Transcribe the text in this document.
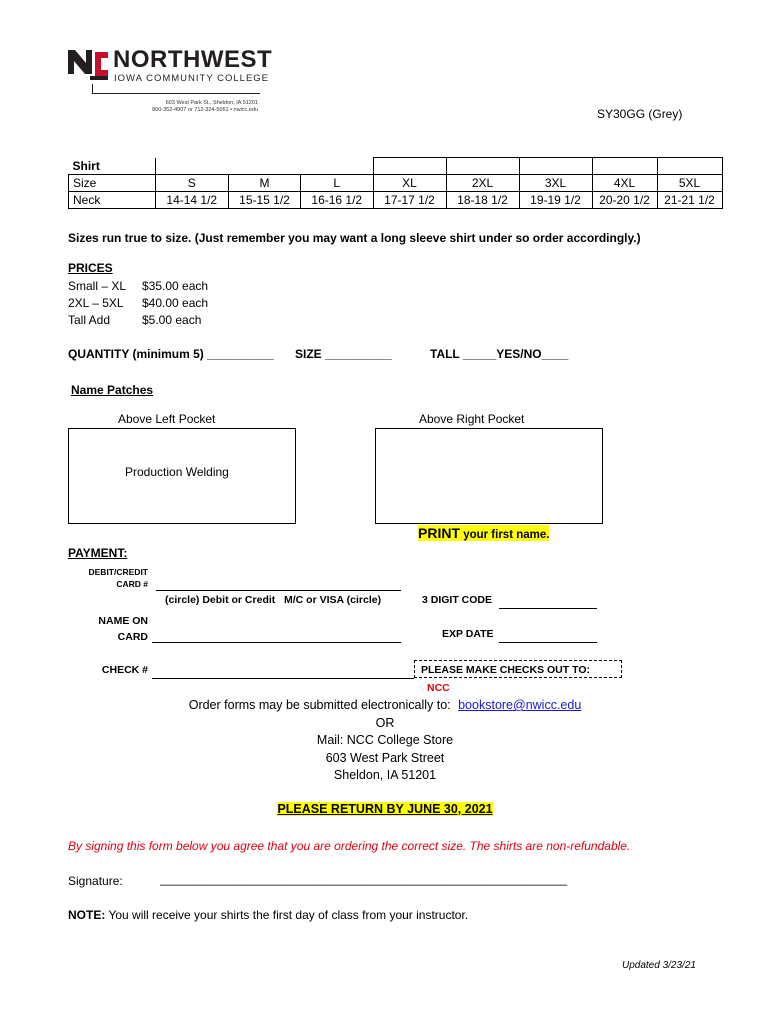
NORTHWEST
IOWA COMMUNITY COLLEGE
603 West Park St., Sheldon, IA 51201
800-352-4907 or 712-324-5061 • nwicc.edu	SY30GG (Grey)
Shirt								
Size	S	M	L	XL	2XL	3XL	4XL	5XL
Neck	14-14 1/2	15-15 1/2	16-16 1/2	17-17 1/2	18-18 1/2	19-19 1/2	20-20 1/2	21-21 1/2
Sizes run true to size. (Just remember you may want a long sleeve shirt under so order accordingly.)
PRICES
Small – XL $35.00 each
2XL – 5XL $40.00 each
Tall Add	$5.00 each
QUANTITY (minimum 5) __________ SIZE __________	TALL _____YES/NO____
Name Patches
Above Left Pocket	Above Right Pocket
Production Welding
PRINT your first name.
PAYMENT:
DEBIT/CREDIT
CARD #
(circle) Debit or Credit   M/C or VISA (circle)	3 DIGIT CODE
NAME ON
CARD	EXP DATE
CHECK #	PLEASE MAKE CHECKS OUT TO: NCC
Order forms may be submitted electronically to: bookstore@nwicc.edu
OR
Mail: NCC College Store
603 West Park Street
Sheldon, IA 51201
PLEASE RETURN BY JUNE 30, 2021
By signing this form below you agree that you are ordering the correct size. The shirts are non-refundable.
Signature:	_____________________________________________________________
NOTE: You will receive your shirts the first day of class from your instructor.
Updated 3/23/21
